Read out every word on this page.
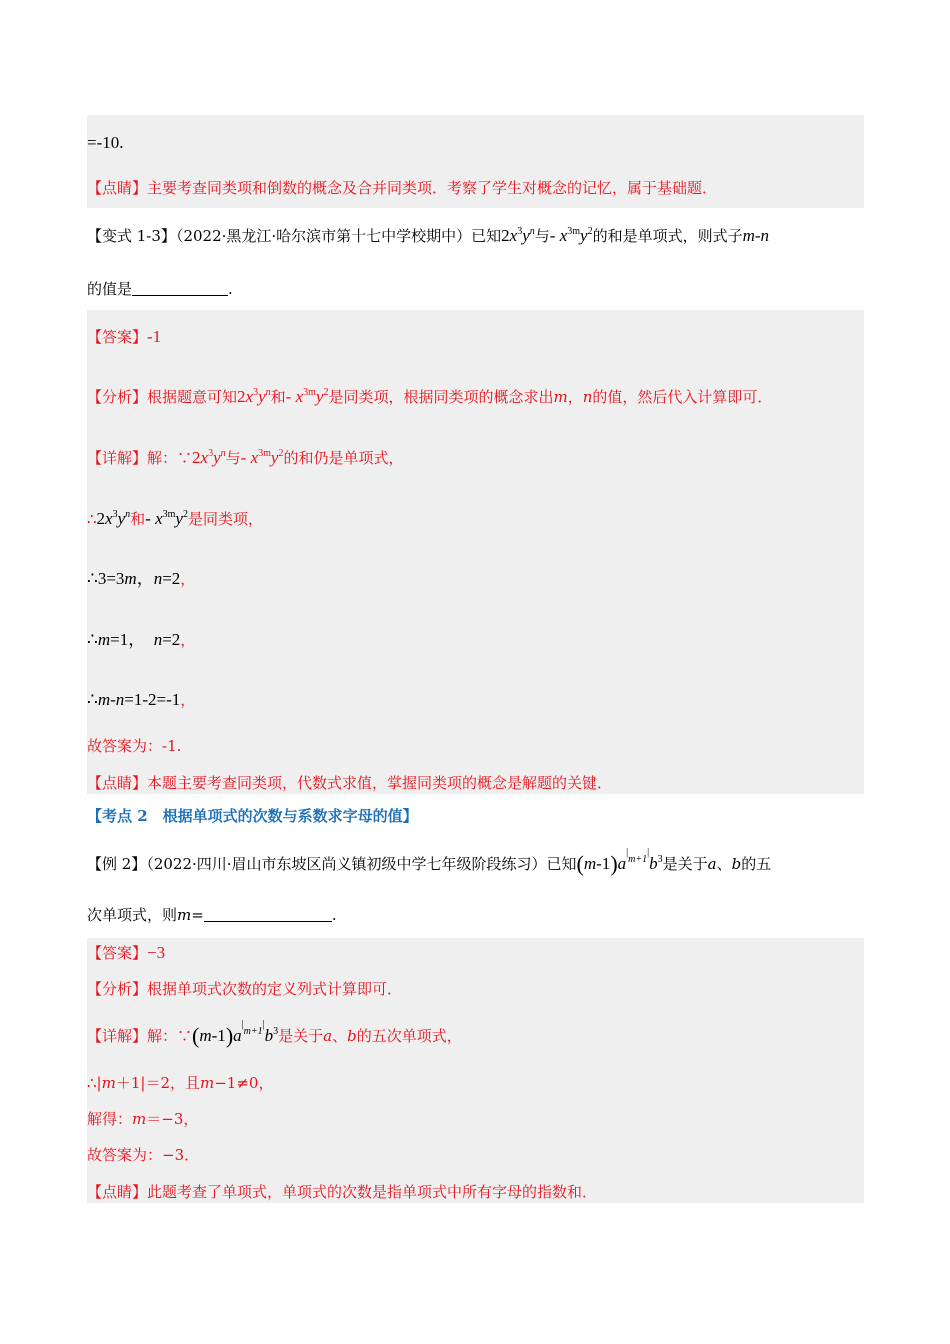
=-10.
【点睛】主要考查同类项和倒数的概念及合并同类项．考察了学生对概念的记忆，属于基础题．
【变式 1-3】（2022·黑龙江·哈尔滨市第十七中学校期中）已知$2x^3y^n$与- $x^{3m}y^2$的和是单项式，则式子m-n
的值是	.
【答案】-1
【分析】根据题意可知$2x^3y^n$和- $x^{3m}y^2$是同类项，根据同类项的概念求出m，n的值，然后代入计算即可．
【详解】解：$\because 2x^3y^n$与- $x^{3m}y^2$的和仍是单项式，
$\therefore 2x^3y^n$和- $x^{3m}y^2$是同类项，
∴3=3m，n=2，
∴m=1， n=2，
∴m-n=1-2=-1，
故答案为：-1.
【点睛】本题主要考查同类项，代数式求值，掌握同类项的概念是解题的关键．
【考点 2　根据单项式的次数与系数求字母的值】
【例 2】（2022·四川·眉山市东坡区尚义镇初级中学七年级阶段练习）已知$(m-1)a^{|m+1|}b^3$是关于a、b的五
次单项式，则m=	.
【答案】−3
【分析】根据单项式次数的定义列式计算即可．
【详解】解：$\because(m-1)a^{|m+1|}b^3$是关于a、b的五次单项式，
∴|m＋1|＝2，且m−1≠0，
解得：m＝−3，
故答案为：−3．
【点睛】此题考查了单项式，单项式的次数是指单项式中所有字母的指数和．
